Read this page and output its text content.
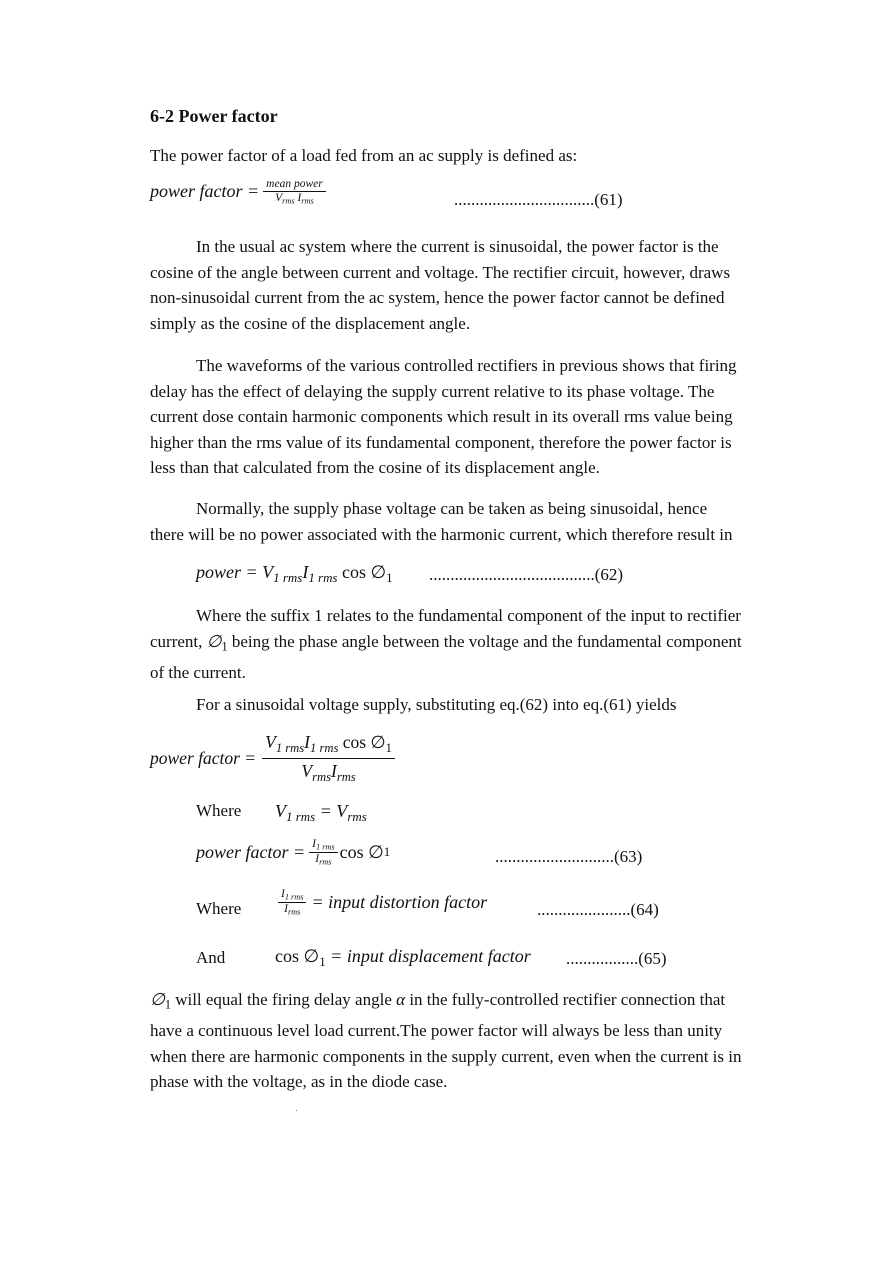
6-2 Power factor
The power factor of a load fed from an ac supply is defined as:
power factor = $\frac{\text{mean power}}{V_{rms} I_{rms}}$	.................................(61)
In the usual ac system where the current is sinusoidal, the power factor is the cosine of the angle between current and voltage. The rectifier circuit, however, draws non-sinusoidal current from the ac system, hence the power factor cannot be defined simply as the cosine of the displacement angle.
The waveforms of the various controlled rectifiers in previous shows that firing delay has the effect of delaying the supply current relative to its phase voltage. The current dose contain harmonic components which result in its overall rms value being higher than the rms value of its fundamental component, therefore the power factor is less than that calculated from the cosine of its displacement angle.
Normally, the supply phase voltage can be taken as being sinusoidal, hence there will be no power associated with the harmonic current, which therefore result in
power = $V_{1 rms}I_{1 rms}$ $\cos \emptyset_1$ .......................................(62)
Where the suffix 1 relates to the fundamental component of the input to rectifier current, $\emptyset_1$ being the phase angle between the voltage and the fundamental component of the current.
For a sinusoidal voltage supply, substituting eq.(62) into eq.(61) yields
power factor = $\frac{V_{1 rms}I_{1 rms} \cos \emptyset_1}{V_{rms}I_{rms}}$
Where $V_{1 rms} = V_{rms}$
power factor = $\frac{I_{1 rms}}{I_{rms}}$ cos ∅ 1	............................(63)
Where	$\frac{I_{1 rms}}{I_{rms}}$ = input distortion factor	......................(64)
And	$\cos \emptyset_1$ = input displacement factor .................(65)
$\emptyset_1$ will equal the firing delay angle α in the fully-controlled rectifier connection that have a continuous level load current.The power factor will always be less than unity when there are harmonic components in the supply current, even when the current is in phase with the voltage, as in the diode case.
